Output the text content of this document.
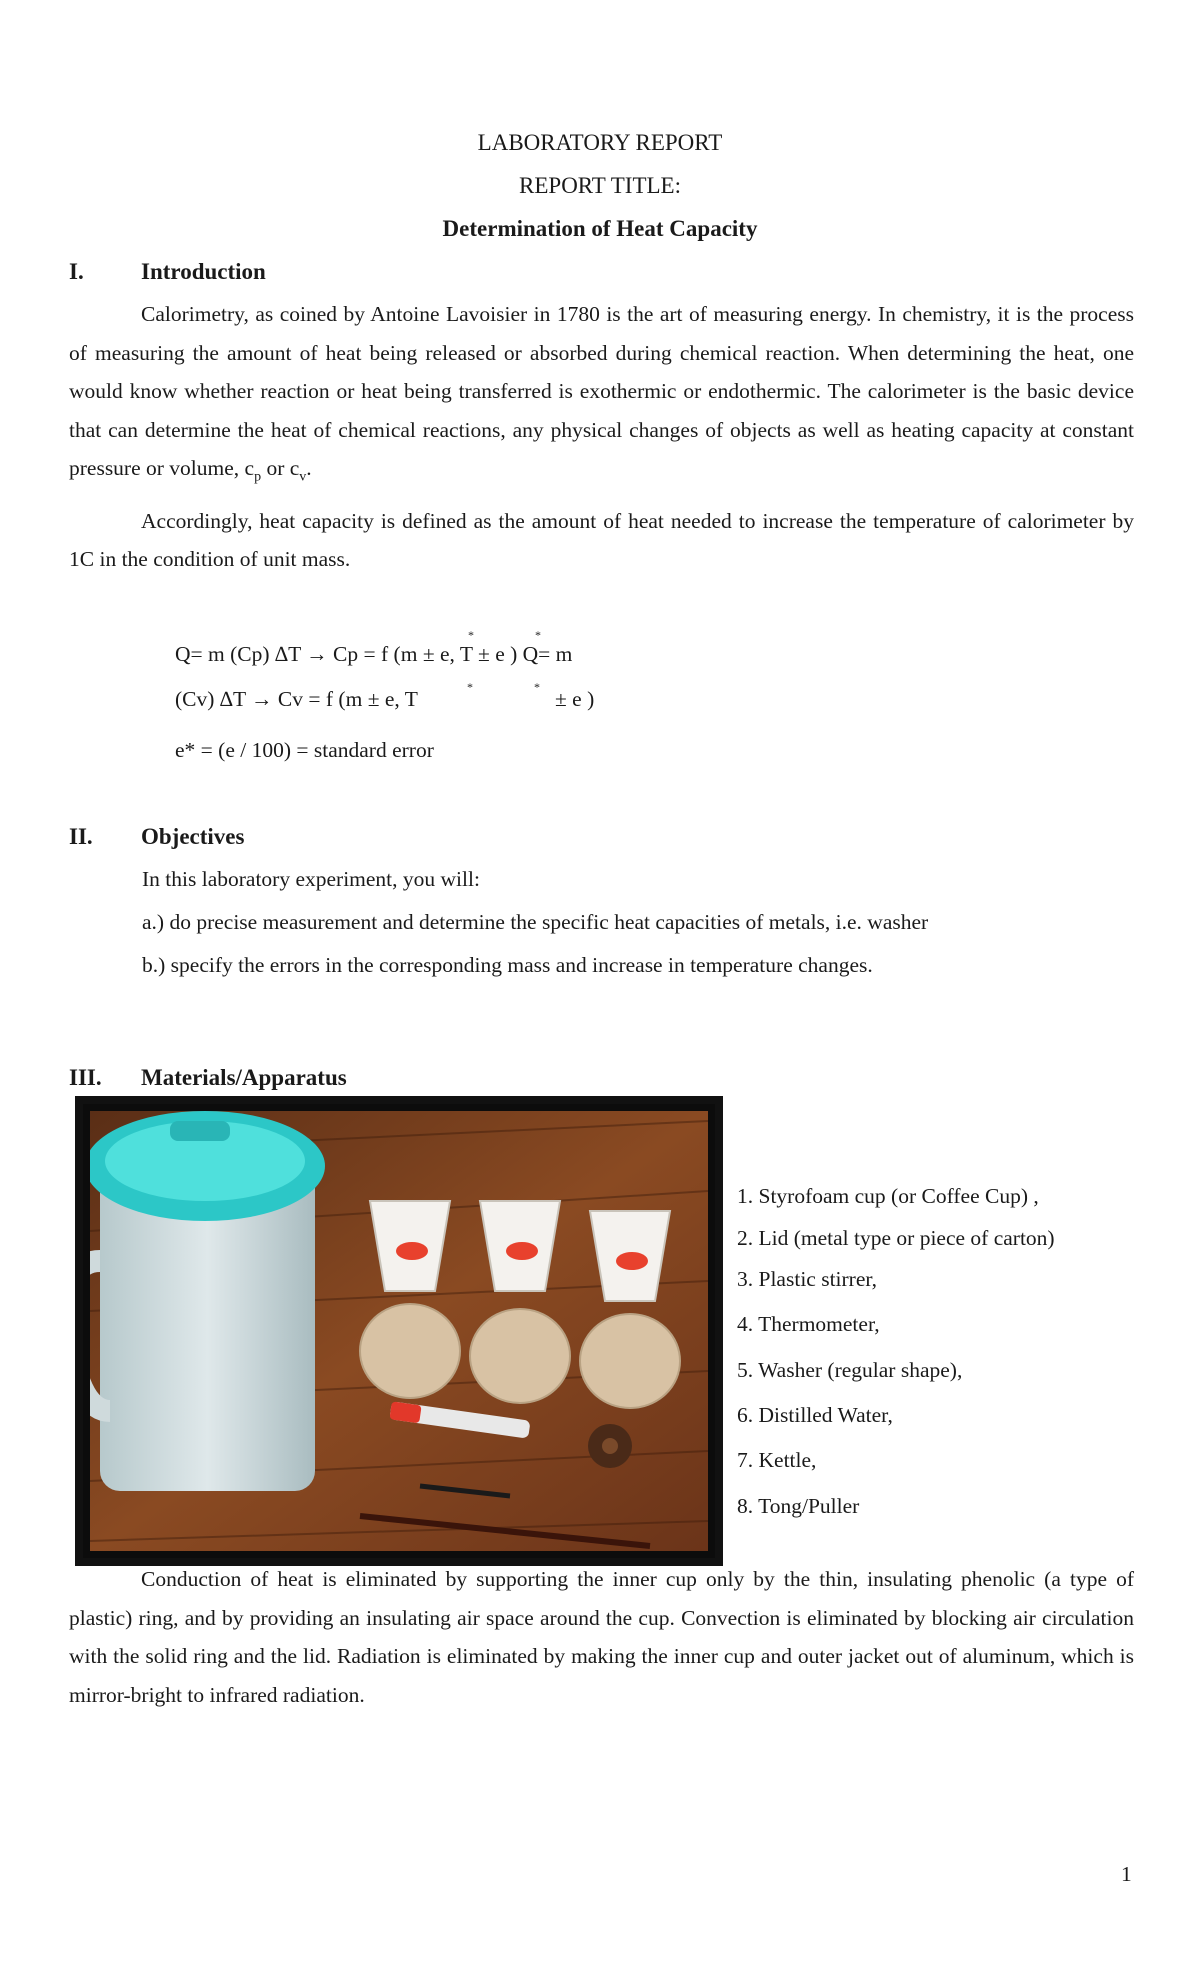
LABORATORY REPORT
REPORT TITLE:
Determination of Heat Capacity
I. Introduction

Calorimetry, as coined by Antoine Lavoisier in 1780 is the art of measuring energy. In chemistry, it is the process of measuring the amount of heat being released or absorbed during chemical reaction. When determining the heat, one would know whether reaction or heat being transferred is exothermic or endothermic. The calorimeter is the basic device that can determine the heat of chemical reactions, any physical changes of objects as well as heating capacity at constant pressure or volume, $c_p$ or $c_v$.

Accordingly, heat capacity is defined as the amount of heat needed to increase the temperature of calorimeter by 1C in the condition of unit mass.

*	*
Q= m (Cp) ∆T → Cp = f (m ± e, T ± e ) Q= m
*	*
(Cv) ∆T → Cv = f (m ± e, T	± e )
e* = (e / 100) = standard error
II. Objectives
In this laboratory experiment, you will:
a.) do precise measurement and determine the specific heat capacities of metals, i.e. washer
b.) specify the errors in the corresponding mass and increase in temperature changes.
III. Materials/Apparatus
1. Styrofoam cup (or Coffee Cup) ,
2. Lid (metal type or piece of carton)
3. Plastic stirrer,
4. Thermometer,
5. Washer (regular shape),
6. Distilled Water,
7. Kettle,
8. Tong/Puller

Conduction of heat is eliminated by supporting the inner cup only by the thin, insulating phenolic (a type of plastic) ring, and by providing an insulating air space around the cup. Convection is eliminated by blocking air circulation with the solid ring and the lid. Radiation is eliminated by making the inner cup and outer jacket out of aluminum, which is mirror-bright to infrared radiation.

1
